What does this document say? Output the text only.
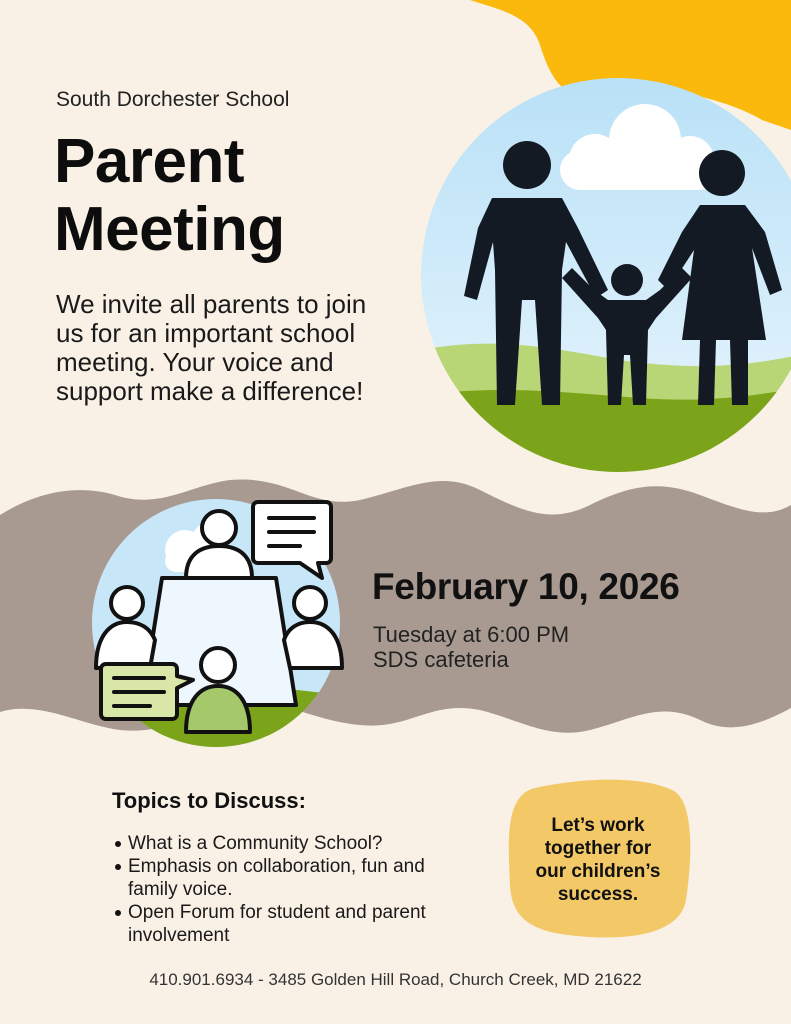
South Dorchester School
Parent
Meeting
We invite all parents to join
us for an important school
meeting. Your voice and
support make a difference!
February 10, 2026
Tuesday at 6:00 PM
SDS cafeteria
Topics to Discuss:
What is a Community School?
Emphasis on collaboration, fun and
family voice.
Open Forum for student and parent
involvement
Let’s work
together for
our children’s
success.
410.901.6934 - 3485 Golden Hill Road, Church Creek, MD 21622
